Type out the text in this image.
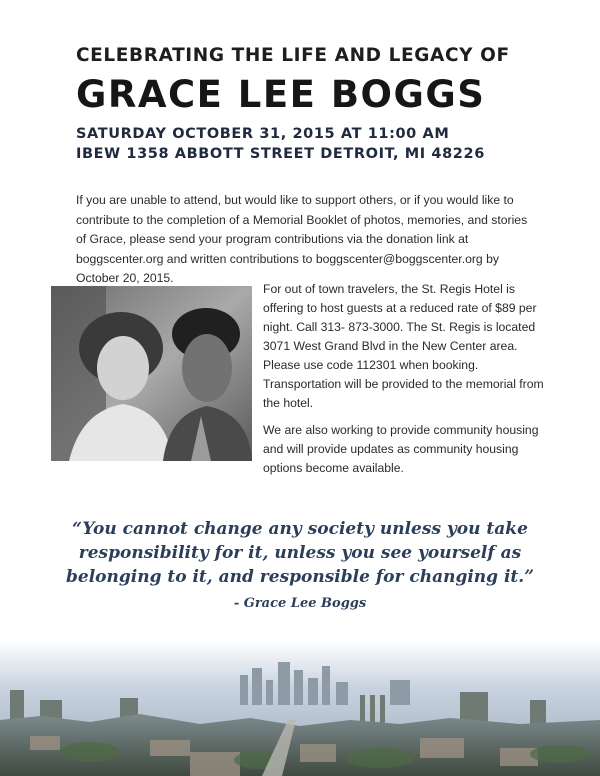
CELEBRATING THE LIFE AND LEGACY OF
GRACE LEE BOGGS
SATURDAY OCTOBER 31, 2015 AT 11:00 AM
IBEW 1358 ABBOTT STREET DETROIT, MI 48226
If you are unable to attend, but would like to support others, or if you would like to contribute to the completion of a Memorial Booklet of photos, memories, and stories of Grace, please send your program contributions via the donation link at boggscenter.org and written contributions to boggscenter@boggscenter.org by October 20, 2015.

For out of town travelers, the St. Regis Hotel is offering to host guests at a reduced rate of $89 per night. Call 313- 873-3000. The St. Regis is located 3071 West Grand Blvd in the New Center area. Please use code 112301 when booking. Transportation will be provided to the memorial from the hotel.

We are also working to provide community housing and will provide updates as community housing options become available.

“You cannot change any society unless you take responsibility for it, unless you see yourself as belonging to it, and responsible for changing it.”
- Grace Lee Boggs
